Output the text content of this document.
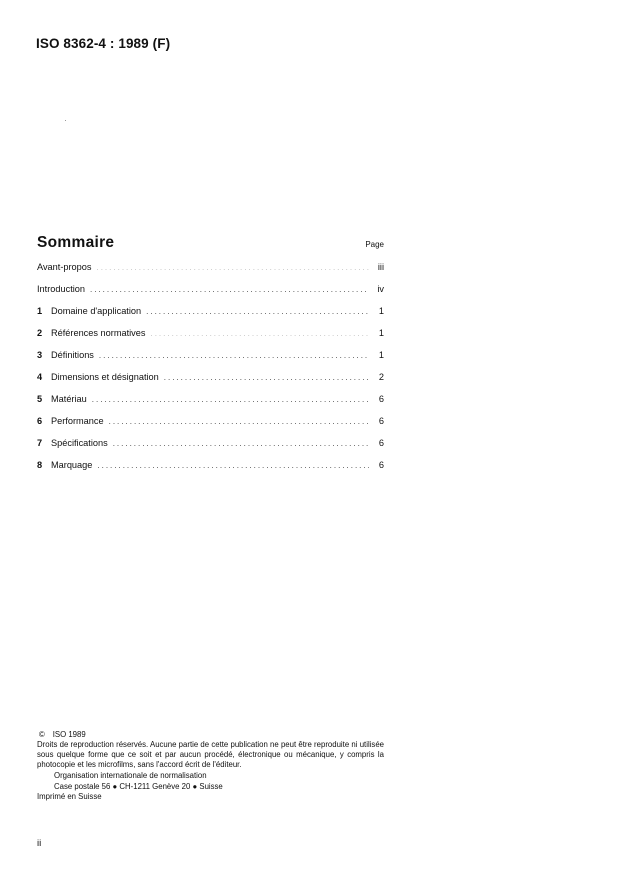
ISO 8362-4 : 1989 (F)
Sommaire	Page
Avant-propos .....	iii
Introduction .....	iv
1 Domaine d'application .....	1
2 Références normatives .....	1
3 Définitions .....	1
4 Dimensions et désignation .....	2
5 Matériau .....	6
6 Performance .....	6
7 Spécifications .....	6
8 Marquage .....	6
© ISO 1989
Droits de reproduction réservés. Aucune partie de cette publication ne peut être reproduite ni utilisée sous quelque forme que ce soit et par aucun procédé, électronique ou mécanique, y compris la photocopie et les microfilms, sans l'accord écrit de l'éditeur.
Organisation internationale de normalisation
Case postale 56 ● CH-1211 Genève 20 ● Suisse
Imprimé en Suisse
ii
